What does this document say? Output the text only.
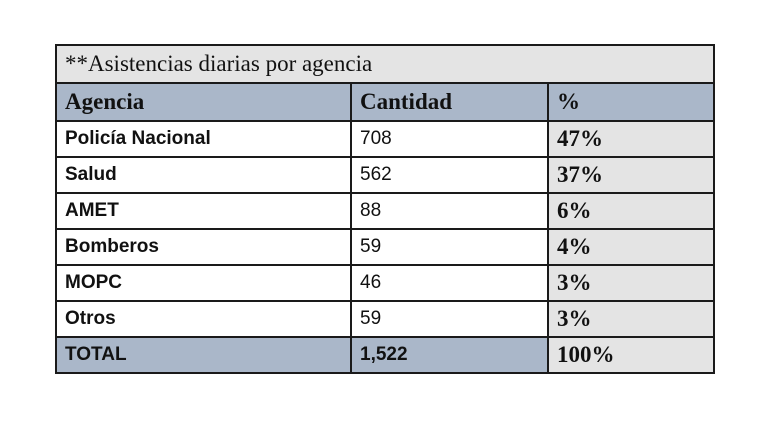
**Asistencias diarias por agencia		
Agencia	Cantidad	%
Policía Nacional	708	47%
Salud	562	37%
AMET	88	6%
Bomberos	59	4%
MOPC	46	3%
Otros	59	3%
TOTAL	1,522	100%
